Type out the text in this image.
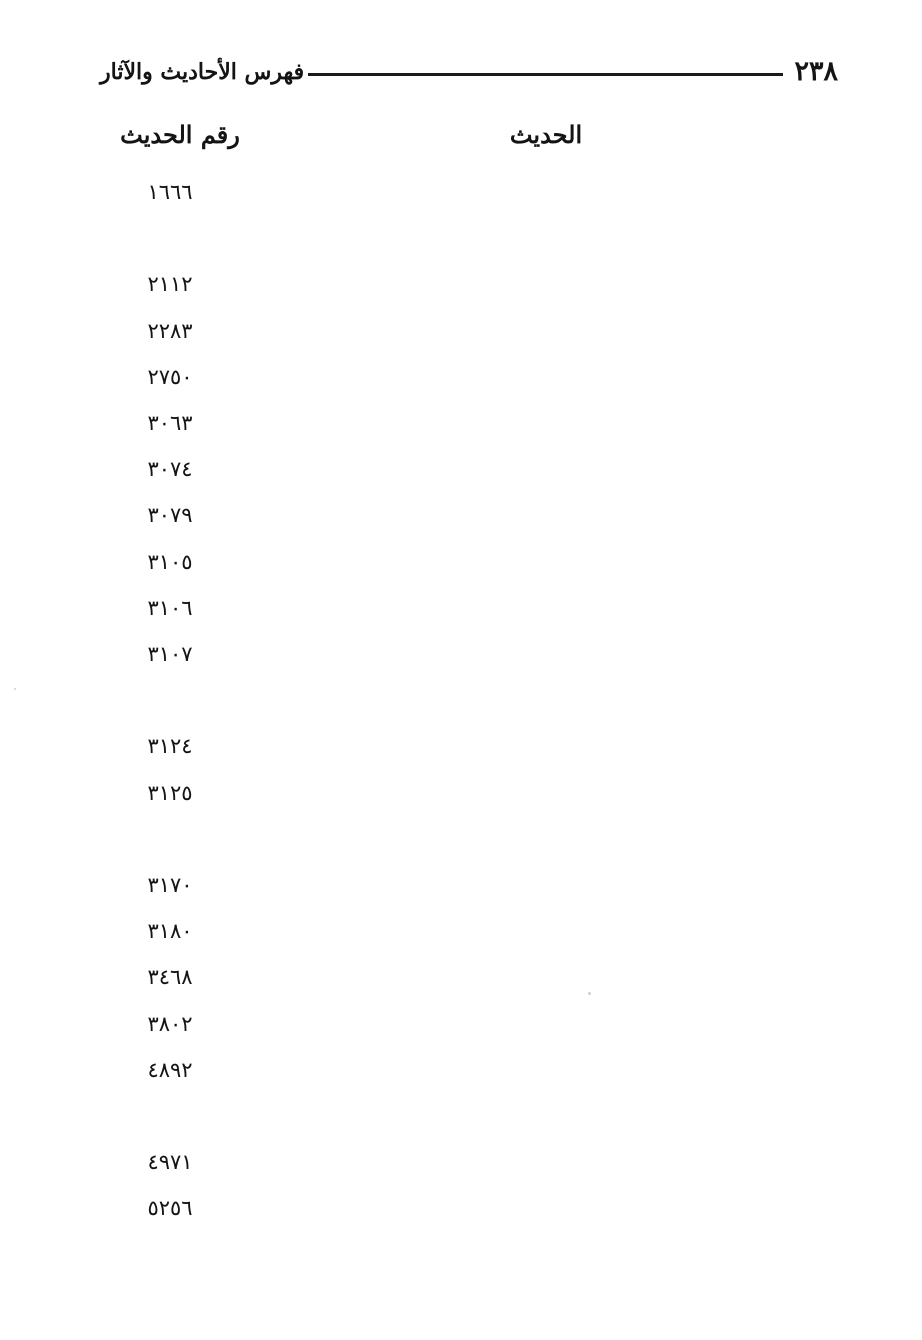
فهرس الأحاديث والآثار	٢٣٨
الحديث
رقم الحديث
١٦٦٦
٢١١٢
٢٢٨٣
٢٧٥٠
٣٠٦٣
٣٠٧٤
٣٠٧٩
٣١٠٥
٣١٠٦
٣١٠٧
٣١٢٤
٣١٢٥
٣١٧٠
٣١٨٠
٣٤٦٨
٣٨٠٢
٤٨٩٢
٤٩٧١
٥٢٥٦
